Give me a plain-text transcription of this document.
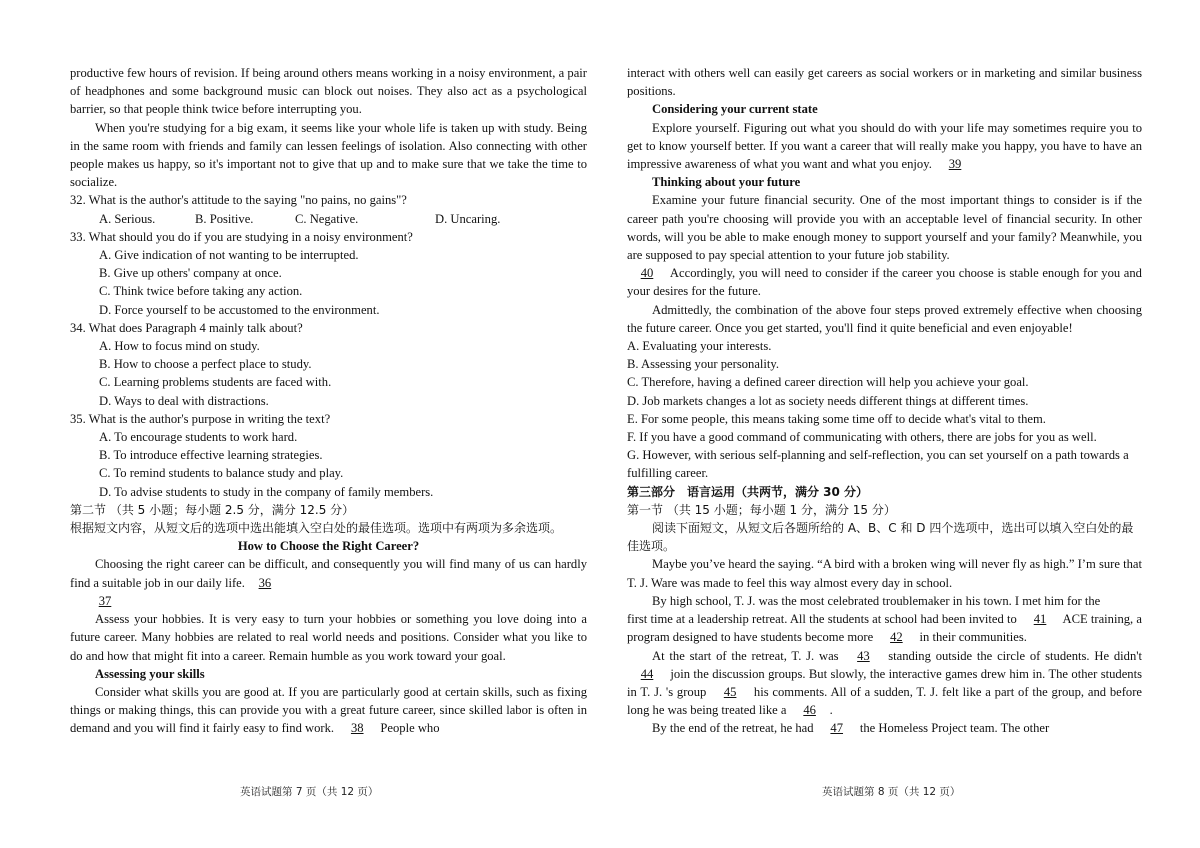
productive few hours of revision. If being around others means working in a noisy environment, a pair of headphones and some background music can block out noises. They also act as a psychological barrier, so that people think twice before interrupting you.

When you're studying for a big exam, it seems like your whole life is taken up with study. Being in the same room with friends and family can lessen feelings of isolation. Also connecting with other people makes us happy, so it's important not to give that up and to make sure that we take the time to socialize.

32. What is the author's attitude to the saying "no pains, no gains"?

A. Serious.	B. Positive.	C. Negative.	D. Uncaring.

33. What should you do if you are studying in a noisy environment?

A. Give indication of not wanting to be interrupted.

B. Give up others' company at once.

C. Think twice before taking any action.

D. Force yourself to be accustomed to the environment.

34. What does Paragraph 4 mainly talk about?

A. How to focus mind on study.

B. How to choose a perfect place to study.

C. Learning problems students are faced with.

D. Ways to deal with distractions.

35. What is the author's purpose in writing the text?

A. To encourage students to work hard.

B. To introduce effective learning strategies.

C. To remind students to balance study and play.

D. To advise students to study in the company of family members.

第二节 （共 5 小题；每小题 2.5 分，满分 12.5 分）

根据短文内容，从短文后的选项中选出能填入空白处的最佳选项。选项中有两项为多余选项。

How to Choose the Right Career?

Choosing the right career can be difficult, and consequently you will find many of us can hardly find a suitable job in our daily life. 36

37

Assess your hobbies. It is very easy to turn your hobbies or something you love doing into a future career. Many hobbies are related to real world needs and positions. Consider what you like to do and how that might fit into a career. Remain humble as you work toward your goal.

Assessing your skills

Consider what skills you are good at. If you are particularly good at certain skills, such as fixing things or making things, this can provide you with a great future career, since skilled labor is often in demand and you will find it fairly easy to find work. 38 People who

interact with others well can easily get careers as social workers or in marketing and similar business positions.

Considering your current state

Explore yourself. Figuring out what you should do with your life may sometimes require you to get to know yourself better. If you want a career that will really make you happy, you have to have an impressive awareness of what you want and what you enjoy. 39

Thinking about your future

Examine your future financial security. One of the most important things to consider is if the career path you're choosing will provide you with an acceptable level of financial security. In other words, will you be able to make enough money to support yourself and your family? Meanwhile, you are supposed to pay special attention to your future job stability.

40 Accordingly, you will need to consider if the career you choose is stable enough for you and your desires for the future.

Admittedly, the combination of the above four steps proved extremely effective when choosing the future career. Once you get started, you'll find it quite beneficial and even enjoyable!

A. Evaluating your interests.

B. Assessing your personality.

C. Therefore, having a defined career direction will help you achieve your goal.

D. Job markets changes a lot as society needs different things at different times.

E. For some people, this means taking some time off to decide what's vital to them.

F. If you have a good command of communicating with others, there are jobs for you as well.

G. However, with serious self-planning and self-reflection, you can set yourself on a path towards a fulfilling career.

第三部分　语言运用（共两节，满分 30 分）

第一节 （共 15 小题；每小题 1 分，满分 15 分）

阅读下面短文，从短文后各题所给的 A、B、C 和 D 四个选项中，选出可以填入空白处的最佳选项。

Maybe you’ve heard the saying. “A bird with a broken wing will never fly as high.” I’m sure that T. J. Ware was made to feel this way almost every day in school.

By high school, T. J. was the most celebrated troublemaker in his town. I met him for the

first time at a leadership retreat. All the students at school had been invited to 41 ACE training, a program designed to have students become more 42 in their communities.

At the start of the retreat, T. J. was 43 standing outside the circle of students. He didn't 44 join the discussion groups. But slowly, the interactive games drew him in. The other students in T. J. 's group 45 his comments. All of a sudden, T. J. felt like a part of the group, and before long he was being treated like a 46 .

By the end of the retreat, he had 47 the Homeless Project team. The other

英语试题第 7 页（共 12 页）	英语试题第 8 页（共 12 页）
